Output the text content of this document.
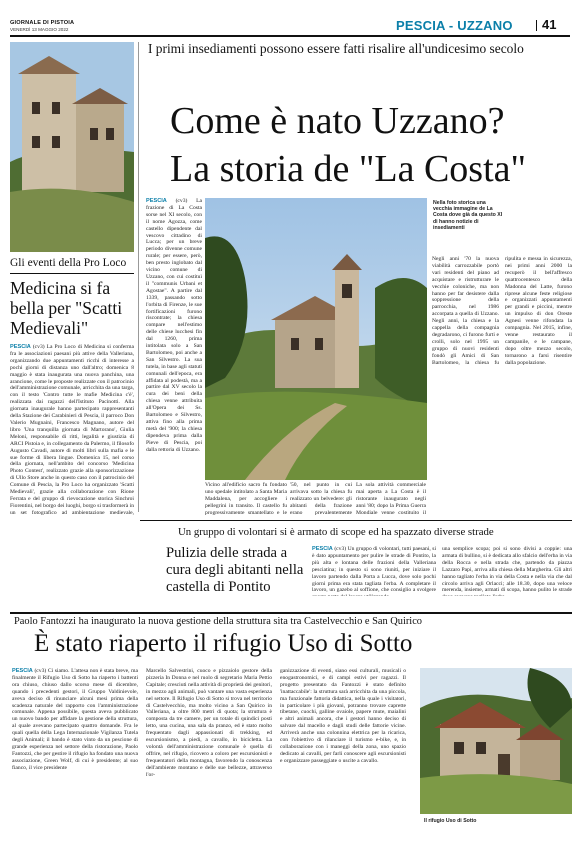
GIORNALE DI PISTOIA
VENERDÌ 13 MAGGIO 2022	PESCIA - UZZANO 41
I primi insediamenti possono essere fatti risalire all'undicesimo secolo
Come è nato Uzzano?
La storia de "La Costa"
Nella foto storica una vecchia immagine de La Costa dove già da questo XI di hanno notizie di insediamenti
PESCIA (cv3) La frazione di La Costa sorse nel XI secolo, con il nome Agozza, come castello dipendente dal vescovo cittadino di Lucca; per un breve periodo divenne comune rurale; per essere, però, ben presto inglobato dal vicino comune di Uzzano, con cui costituì il "communis Urbani et Agostae". A partire dal 1339, passando sotto l'orbita di Firenze, le sue fortificazioni furono riscontrate; la chiesa compare nell'estimo delle chiese lucchesi fin dal 1260, prima intitolata solo a San Bartolomeo, poi anche a San Silvestro. La sua tutela, in base agli statuti comunali dell'epoca, era affidata al podestà, ma a partire dal XV secolo la cura dei beni della chiesa venne attribuita all'Opera dei Ss. Bartolomeo e Silvestro, attiva fino alla prima metà del '900; la chiesa dipendeva prima dalla Pieve di Pescia, poi dalla rettoria di Uzzano.
'50, nel punto in cui arrivava sotto la chiesa fu realizzato un belvedere: gli abitanti della frazione erano prevalentemente
La sola attività commerciale mai aperta a La Costa è il ristorante inaugurato negli anni '80; dopo la Prima Guerra Mondiale venne costituito il
Vicino all'edificio sacro fu fondato uno spedale intitolato a Santa Maria Maddalena, per accogliere i pellegrini in transito. Il castello fu progressivamente smantellato e le
Negli anni '70 la nuova viabilità carrozzabile portò vari residenti del piano ad acquistare e ristrutturare le vecchie coloniche, ma non hanno per far desistere dalla soppressione della parrocchia, nel 1986 accorpata a quella di Uzzano. Negli anni, la chiesa e la cappella della compagnia degradarono, ci furono furti e crolli, solo nel 1995 un gruppo di nuovi residenti fondò gli Amici di San Bartolomeo, la chiesa fu ripulita e messa in sicurezza, nei primi anni 2000 la recuperò il bell'affresco quattrocentesco della Madonna del Latte, furono riprese alcune feste religiose e organizzati appuntamenti per grandi e piccini, mentre un impulso di don Oreste Agnesi venne rifondata la compagnia. Nel 2015, infine, venne restaurato il campanile, e le campane, dopo oltre mezzo secolo, tornarono a farsi risentire dalla popolazione.
Gli eventi della Pro Loco
Medicina si fa bella per "Scatti Medievali"
PESCIA (cv3) La Pro Loco di Medicina si conferma fra le associazioni paesani più attive della Valleriana, organizzando due appuntamenti ricchi di interesse a pochi giorni di distanza uno dall'altro; domenica 8 maggio è stata inaugurata una nuova panchina, una arancione, come le proposte realizzate con il patrocinio dell'amministrazione comunale, arricchita da una targa, con il testo 'Contro tutte le mafie Medicina c'è', realizzata dai ragazzi dell'Istituto Pacinotti. Alla giornata inaugurale hanno partecipato rappresentanti della Stazione dei Carabinieri di Pescia, il parroco Don Valerio Mugnaini, Francesco Magnano, autore del libro 'Una tranquilla giornata di Martorano', Giulia Meloni, responsabile di ritti, legalità e giustizia di ARCI Pistoia e, in collegamento da Palermo, il filosofo Augusto Cavadi, autore di molti libri sulla mafia e le sue forme di libera lingue. Domenica 15, nel corso della giornata, nell'ambito del concorso 'Medicina Photo Contest', realizzato grazie alla sponsorizzazione di Ullo Store anche in questo caso con il patrocinio del Comune di Pescia, la Pro Loco ha organizzato 'Scatti Medievali', grazie alla collaborazione con Rione Ferrata e del gruppo di rievocazione storica Sinchroi Fiorentini, nel borgo dei luoghi, borgo si trasformerà in un set fotografico ad ambientazione medievale,
Un gruppo di volontari si è armato di scope ed ha spazzato diverse strade
Pulizia delle strada a cura degli abitanti nella castella di Pontito
PESCIA (cv3) Un gruppo di volontari, tutti paesani, si è dato appuntamento per pulire le strade di Pontito, la più alta e lontana delle frazioni della Valleriana pesciatina; in questo si sono riuniti, per iniziare il lavoro partendo dalla Porta a Lucca, dove solo pochi giorni prima era stata tagliata l'erba. A completare il lavoro, un gazebo al soffione, che consiglio a svolgere
una semplice scopa; poi si sono divisi a coppie: una armata di bullino, si è dedicata allo sfalcio dell'erba in via della Rocca e nella strada che, partendo da piazza Lazzaro Papi, arriva alla chiesa della Margherita. Gli altri hanno tagliato l'erba in via della Costa e nella via che dal circolo arriva agli Orlacci; alle 18.30, dopo una veloce merenda, insieme, armati di scopa, hanno pulito le strade
Paolo Fantozzi ha inaugurato la nuova gestione della struttura sita tra Castelvecchio e San Quirico
È stato riaperto il rifugio Uso di Sotto
PESCIA (cv3) Ci siamo. L'attesa non è stata breve, ma finalmente il Rifugio Uso di Sotto ha riaperto i battenti ora chiuso, chiuso dallo scorso mese di dicembre, quando i precedenti gestori, il Gruppo Valdinievole, aveva deciso di rinunciare alcuni mesi prima della scadenza naturale del rapporto con l'amministrazione comunale. Appena possibile, questa aveva pubblicato un nuovo bando per affidare la gestione della struttura, al quale avevano partecipato quattro domande. Fra le quali quella della Lega Internazionale Vigilanza Tutela degli Animali; il bando è stato vinto da un pescione di grande esperienza nel settore della ristorazione, Paolo Fantozzi, che per gestire il rifugio ha fondato una nuova associazione, Green Wolf, di cui è presidente; al suo fianco, il vice presidente
Marcello Salvestrini, cuoco e pizzaiolo gestore della pizzeria In Donna e nel ruolo di segretario Maria Pettio Capitale; cresciuti nella attività di proprietà dei genitori, in mezzo agli animali, può vantare una vasta esperienza nel settore. Il Rifugio Uso di Sotto si trova nel territorio di Castelvecchio, ma molto vicino a San Quirico in Valleriana, a oltre 800 metri di quota; la struttura è composta da tre camere, per un totale di quindici posti letto, una cucina, una sala da pranzo, ed è stato molto frequentato dagli appassionati di trekking, ed escursionismo, a piedi, a cavallo, in bicicletta. La volontà dell'amministrazione comunale è quella di offrire, nel rifugio, ricovero a coloro per escursionisti e frequentatori della montagna, favorendo la conoscenza dell'ambiente montano e delle sue bellezze, attraverso l'or-
ganizzazione di eventi, siano essi culturali, musicali o enogastronomici, e di campi estivi per ragazzi. Il progetto presentato da Fantozzi è stato definito 'inattaccabile': la struttura sarà arricchita da una piccola, ma funzionale fattoria didattica, nella quale i visitatori, in particolare i più giovani, potranno trovare caprette tibetane, cuochi, galline ovaiole, papere mute, maialini e altri animali ancora, che i gestori hanno deciso di salvare dal macello e dagli studi delle fattorie vicine. Arriverà anche una colonnina elettrica per la ricarica, con l'obiettivo di rilanciare il turismo e-bike, e, in collaborazione con i maneggi della zona, uno spazio dedicato ai cavalli, per farli conoscere agli escursionisti e organizzare passeggiate o uscite a cavallo.
Il rifugio Uso di Sotto
